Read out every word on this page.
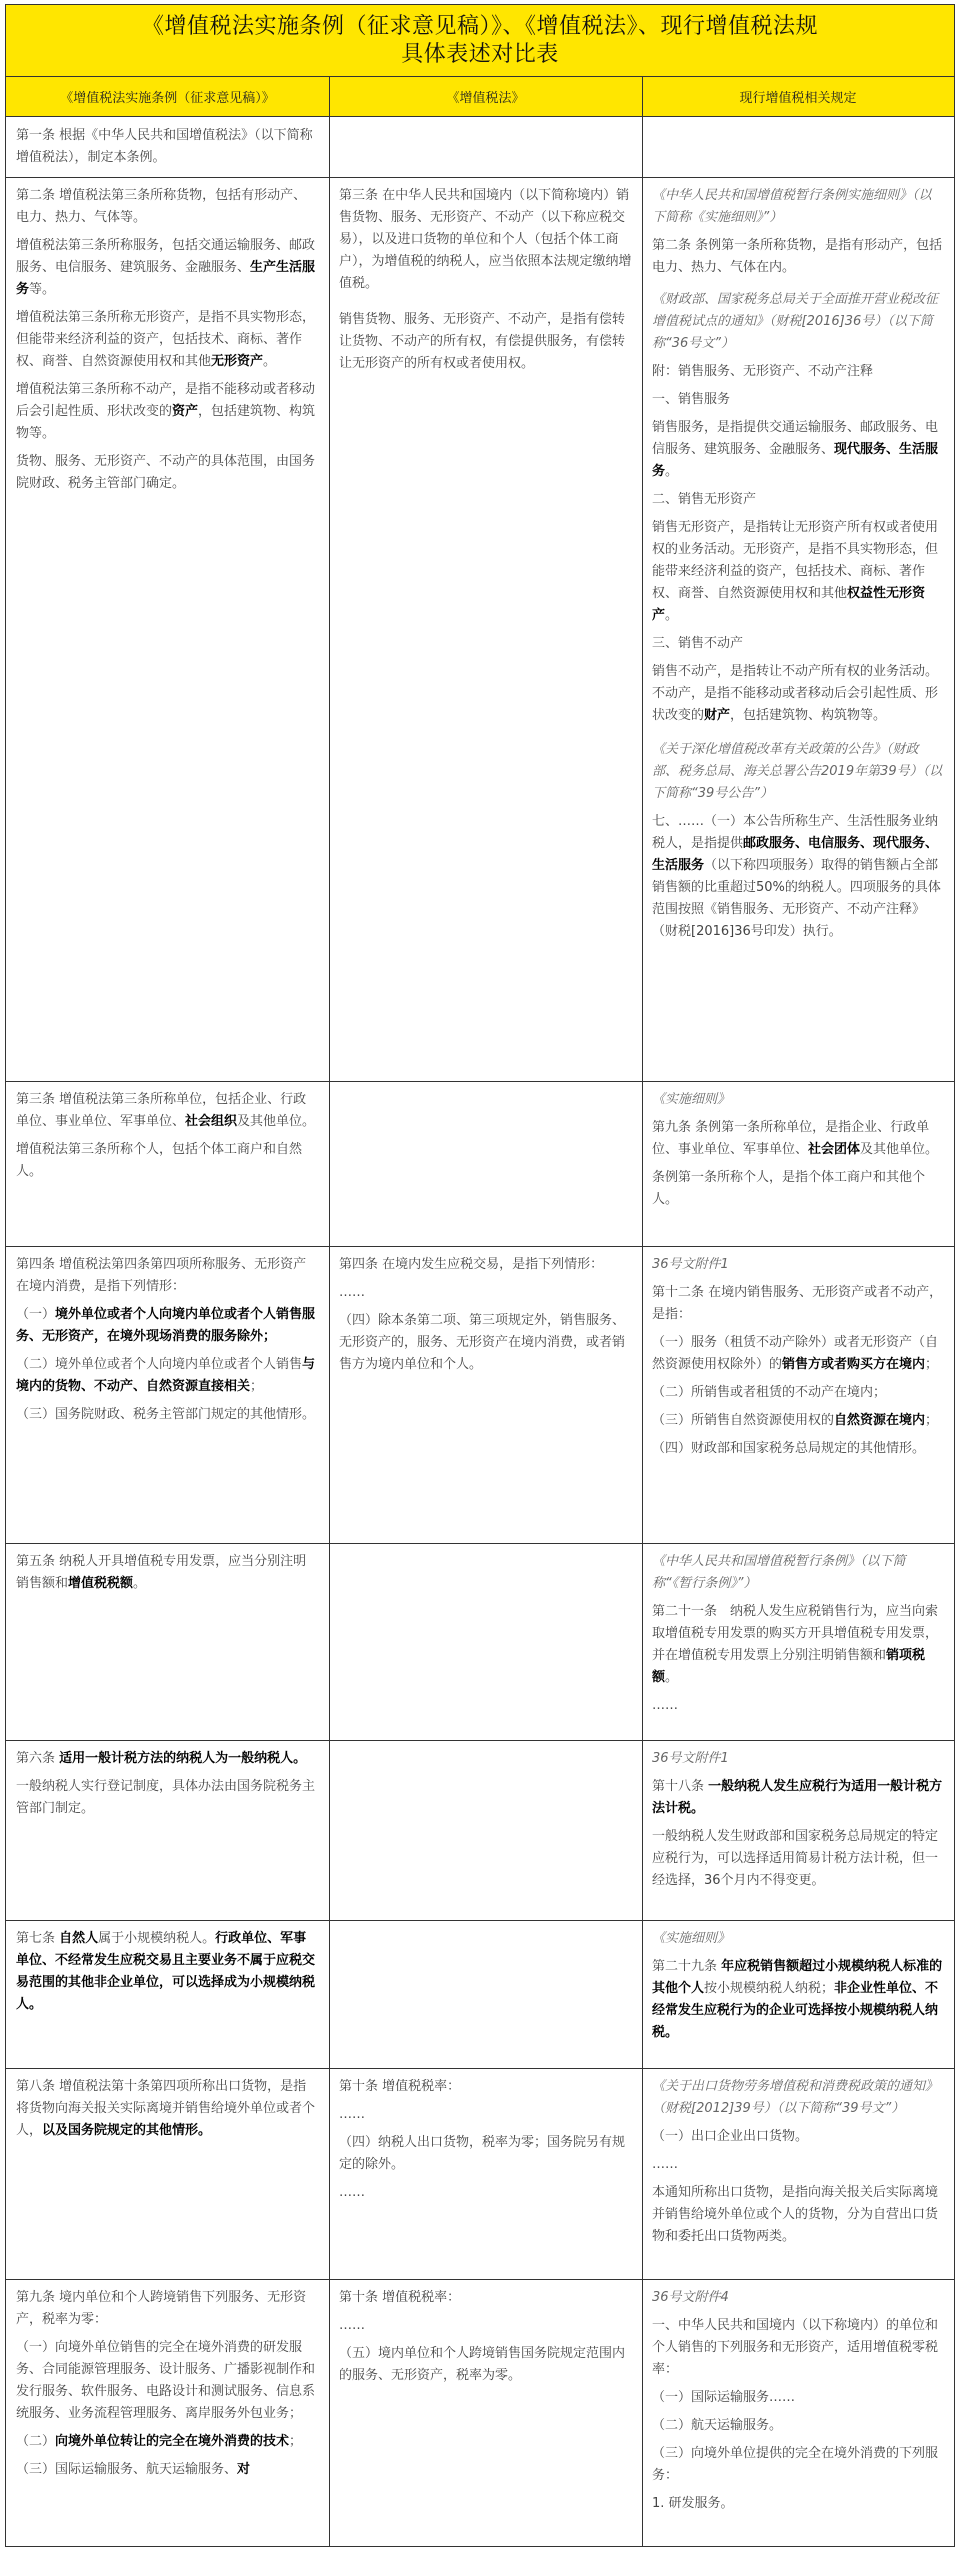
《增值税法实施条例（征求意见稿）》、《增值税法》、现行增值税法规
具体表述对比表
《增值税法实施条例（征求意见稿）》	《增值税法》	现行增值税相关规定

第一条 根据《中华人民共和国增值税法》（以下简称增值税法），制定本条例。

第二条 增值税法第三条所称货物，包括有形动产、电力、热力、气体等。

增值税法第三条所称服务，包括交通运输服务、邮政服务、电信服务、建筑服务、金融服务、生产生活服务等。

增值税法第三条所称无形资产，是指不具实物形态，但能带来经济利益的资产，包括技术、商标、著作权、商誉、自然资源使用权和其他无形资产。

增值税法第三条所称不动产，是指不能移动或者移动后会引起性质、形状改变的资产，包括建筑物、构筑物等。

货物、服务、无形资产、不动产的具体范围，由国务院财政、税务主管部门确定。

第三条 在中华人民共和国境内（以下简称境内）销售货物、服务、无形资产、不动产（以下称应税交易），以及进口货物的单位和个人（包括个体工商户），为增值税的纳税人，应当依照本法规定缴纳增值税。

销售货物、服务、无形资产、不动产，是指有偿转让货物、不动产的所有权，有偿提供服务，有偿转让无形资产的所有权或者使用权。

《中华人民共和国增值税暂行条例实施细则》（以下简称《实施细则》”）

第二条 条例第一条所称货物，是指有形动产，包括电力、热力、气体在内。

《财政部、国家税务总局关于全面推开营业税改征增值税试点的通知》（财税[2016]36号）（以下简称“36号文”）

附：销售服务、无形资产、不动产注释

一、销售服务

销售服务，是指提供交通运输服务、邮政服务、电信服务、建筑服务、金融服务、现代服务、生活服务。

二、销售无形资产

销售无形资产，是指转让无形资产所有权或者使用权的业务活动。无形资产，是指不具实物形态，但能带来经济利益的资产，包括技术、商标、著作权、商誉、自然资源使用权和其他权益性无形资产。

三、销售不动产

销售不动产，是指转让不动产所有权的业务活动。不动产，是指不能移动或者移动后会引起性质、形状改变的财产，包括建筑物、构筑物等。

《关于深化增值税改革有关政策的公告》（财政部、税务总局、海关总署公告2019年第39号）（以下简称“39号公告”）

七、……（一）本公告所称生产、生活性服务业纳税人，是指提供邮政服务、电信服务、现代服务、生活服务（以下称四项服务）取得的销售额占全部销售额的比重超过50%的纳税人。四项服务的具体范围按照《销售服务、无形资产、不动产注释》（财税[2016]36号印发）执行。

第三条 增值税法第三条所称单位，包括企业、行政单位、事业单位、军事单位、社会组织及其他单位。

增值税法第三条所称个人，包括个体工商户和自然人。

《实施细则》

第九条 条例第一条所称单位，是指企业、行政单位、事业单位、军事单位、社会团体及其他单位。

条例第一条所称个人，是指个体工商户和其他个人。

第四条 增值税法第四条第四项所称服务、无形资产在境内消费，是指下列情形：

（一）境外单位或者个人向境内单位或者个人销售服务、无形资产，在境外现场消费的服务除外；

（二）境外单位或者个人向境内单位或者个人销售与境内的货物、不动产、自然资源直接相关；

（三）国务院财政、税务主管部门规定的其他情形。

第四条 在境内发生应税交易，是指下列情形：

……

（四）除本条第二项、第三项规定外，销售服务、无形资产的，服务、无形资产在境内消费，或者销售方为境内单位和个人。

36号文附件1

第十二条 在境内销售服务、无形资产或者不动产，是指：

（一）服务（租赁不动产除外）或者无形资产（自然资源使用权除外）的销售方或者购买方在境内；

（二）所销售或者租赁的不动产在境内；

（三）所销售自然资源使用权的自然资源在境内；

（四）财政部和国家税务总局规定的其他情形。

第五条 纳税人开具增值税专用发票，应当分别注明销售额和增值税税额。

《中华人民共和国增值税暂行条例》（以下简称“《暂行条例》”）

第二十一条　纳税人发生应税销售行为，应当向索取增值税专用发票的购买方开具增值税专用发票，并在增值税专用发票上分别注明销售额和销项税额。

……

第六条 适用一般计税方法的纳税人为一般纳税人。

一般纳税人实行登记制度，具体办法由国务院税务主管部门制定。

36号文附件1

第十八条 一般纳税人发生应税行为适用一般计税方法计税。

一般纳税人发生财政部和国家税务总局规定的特定应税行为，可以选择适用简易计税方法计税，但一经选择，36个月内不得变更。

第七条 自然人属于小规模纳税人。行政单位、军事单位、不经常发生应税交易且主要业务不属于应税交易范围的其他非企业单位，可以选择成为小规模纳税人。

《实施细则》

第二十九条 年应税销售额超过小规模纳税人标准的其他个人按小规模纳税人纳税；非企业性单位、不经常发生应税行为的企业可选择按小规模纳税人纳税。

第八条 增值税法第十条第四项所称出口货物，是指将货物向海关报关实际离境并销售给境外单位或者个人，以及国务院规定的其他情形。

第十条 增值税税率：

……

（四）纳税人出口货物，税率为零；国务院另有规定的除外。

……

《关于出口货物劳务增值税和消费税政策的通知》（财税[2012]39号）（以下简称“39号文”）

（一）出口企业出口货物。

……

本通知所称出口货物，是指向海关报关后实际离境并销售给境外单位或个人的货物，分为自营出口货物和委托出口货物两类。

第九条 境内单位和个人跨境销售下列服务、无形资产，税率为零：

（一）向境外单位销售的完全在境外消费的研发服务、合同能源管理服务、设计服务、广播影视制作和发行服务、软件服务、电路设计和测试服务、信息系统服务、业务流程管理服务、离岸服务外包业务；

（二）向境外单位转让的完全在境外消费的技术；

（三）国际运输服务、航天运输服务、对

第十条 增值税税率：

……

（五）境内单位和个人跨境销售国务院规定范围内的服务、无形资产，税率为零。

36号文附件4

一、中华人民共和国境内（以下称境内）的单位和个人销售的下列服务和无形资产，适用增值税零税率：

（一）国际运输服务……

（二）航天运输服务。

（三）向境外单位提供的完全在境外消费的下列服务：

1. 研发服务。
